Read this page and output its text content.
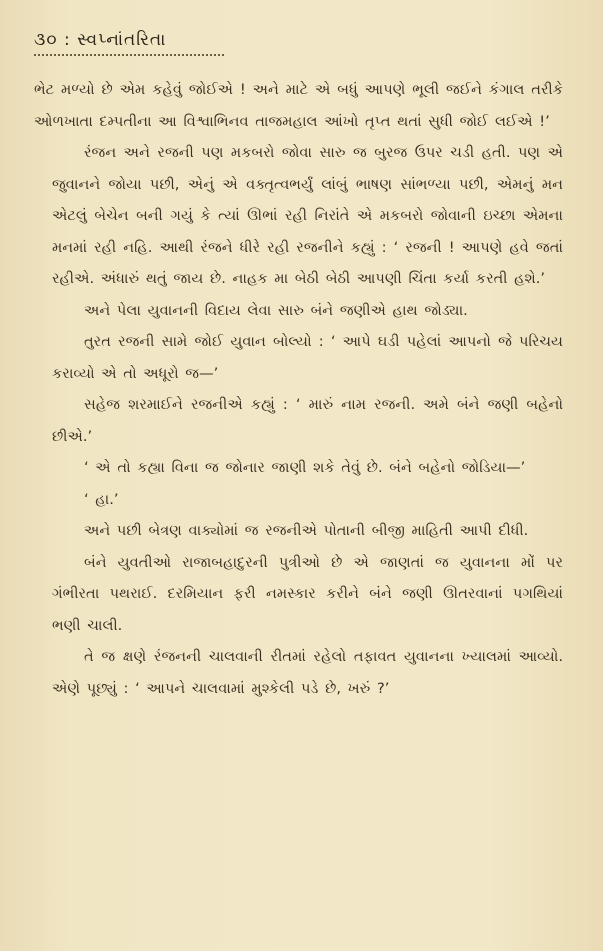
૩૦ : સ્વપ્નાંતરિતા

ભેટ મળ્યો છે એમ કહેવું જોઈએ ! અને માટે એ બધું આપણે ભૂલી જઈને કંગાલ તરીકે ઓળખાતા દમ્પતીના આ વિશ્વાભિનવ તાજમહાલ આંખો તૃપ્ત થતાં સુધી જોઈ લઈએ !’

રંજન અને રજની પણ મકબરો જોવા સારુ જ બુરજ ઉપર ચડી હતી. પણ એ જુવાનને જોયા પછી, એનું એ વક્તૃત્વભર્યું લાંબું ભાષણ સાંભળ્યા પછી, એમનું મન એટલું બેચેન બની ગયું કે ત્યાં ઊભાં રહી નિરાંતે એ મકબરો જોવાની ઇચ્છા એમના મનમાં રહી નહિ. આથી રંજને ધીરે રહી રજનીને કહ્યું : ‘ રજની ! આપણે હવે જતાં રહીએ. અંધારું થતું જાય છે. નાહક મા બેઠી બેઠી આપણી ચિંતા કર્યા કરતી હશે.’

અને પેલા યુવાનની વિદાય લેવા સારુ બંને જણીએ હાથ જોડ્યા.

તુરત રજની સામે જોઈ યુવાન બોલ્યો : ‘ આપે ઘડી પહેલાં આપનો જે પરિચય કરાવ્યો એ તો અધૂરો જ—’

સહેજ શરમાઈને રજનીએ કહ્યું : ‘ મારું નામ રજની. અમે બંને જણી બહેનો છીએ.’

‘ એ તો કહ્યા વિના જ જોનાર જાણી શકે તેવું છે. બંને બહેનો જોડિયા—’

‘ હા.’

અને પછી બેત્રણ વાક્યોમાં જ રજનીએ પોતાની બીજી માહિતી આપી દીધી.

બંને યુવતીઓ રાજાબહાદુરની પુત્રીઓ છે એ જાણતાં જ યુવાનના મોં પર ગંભીરતા પથરાઈ. દરમિયાન ફરી નમસ્કાર કરીને બંને જણી ઊતરવાનાં પગથિયાં ભણી ચાલી.

તે જ ક્ષણે રંજનની ચાલવાની રીતમાં રહેલો તફાવત યુવાનના ખ્યાલમાં આવ્યો. એણે પૂછ્યું : ‘ આપને ચાલવામાં મુશ્કેલી પડે છે, ખરું ?’
